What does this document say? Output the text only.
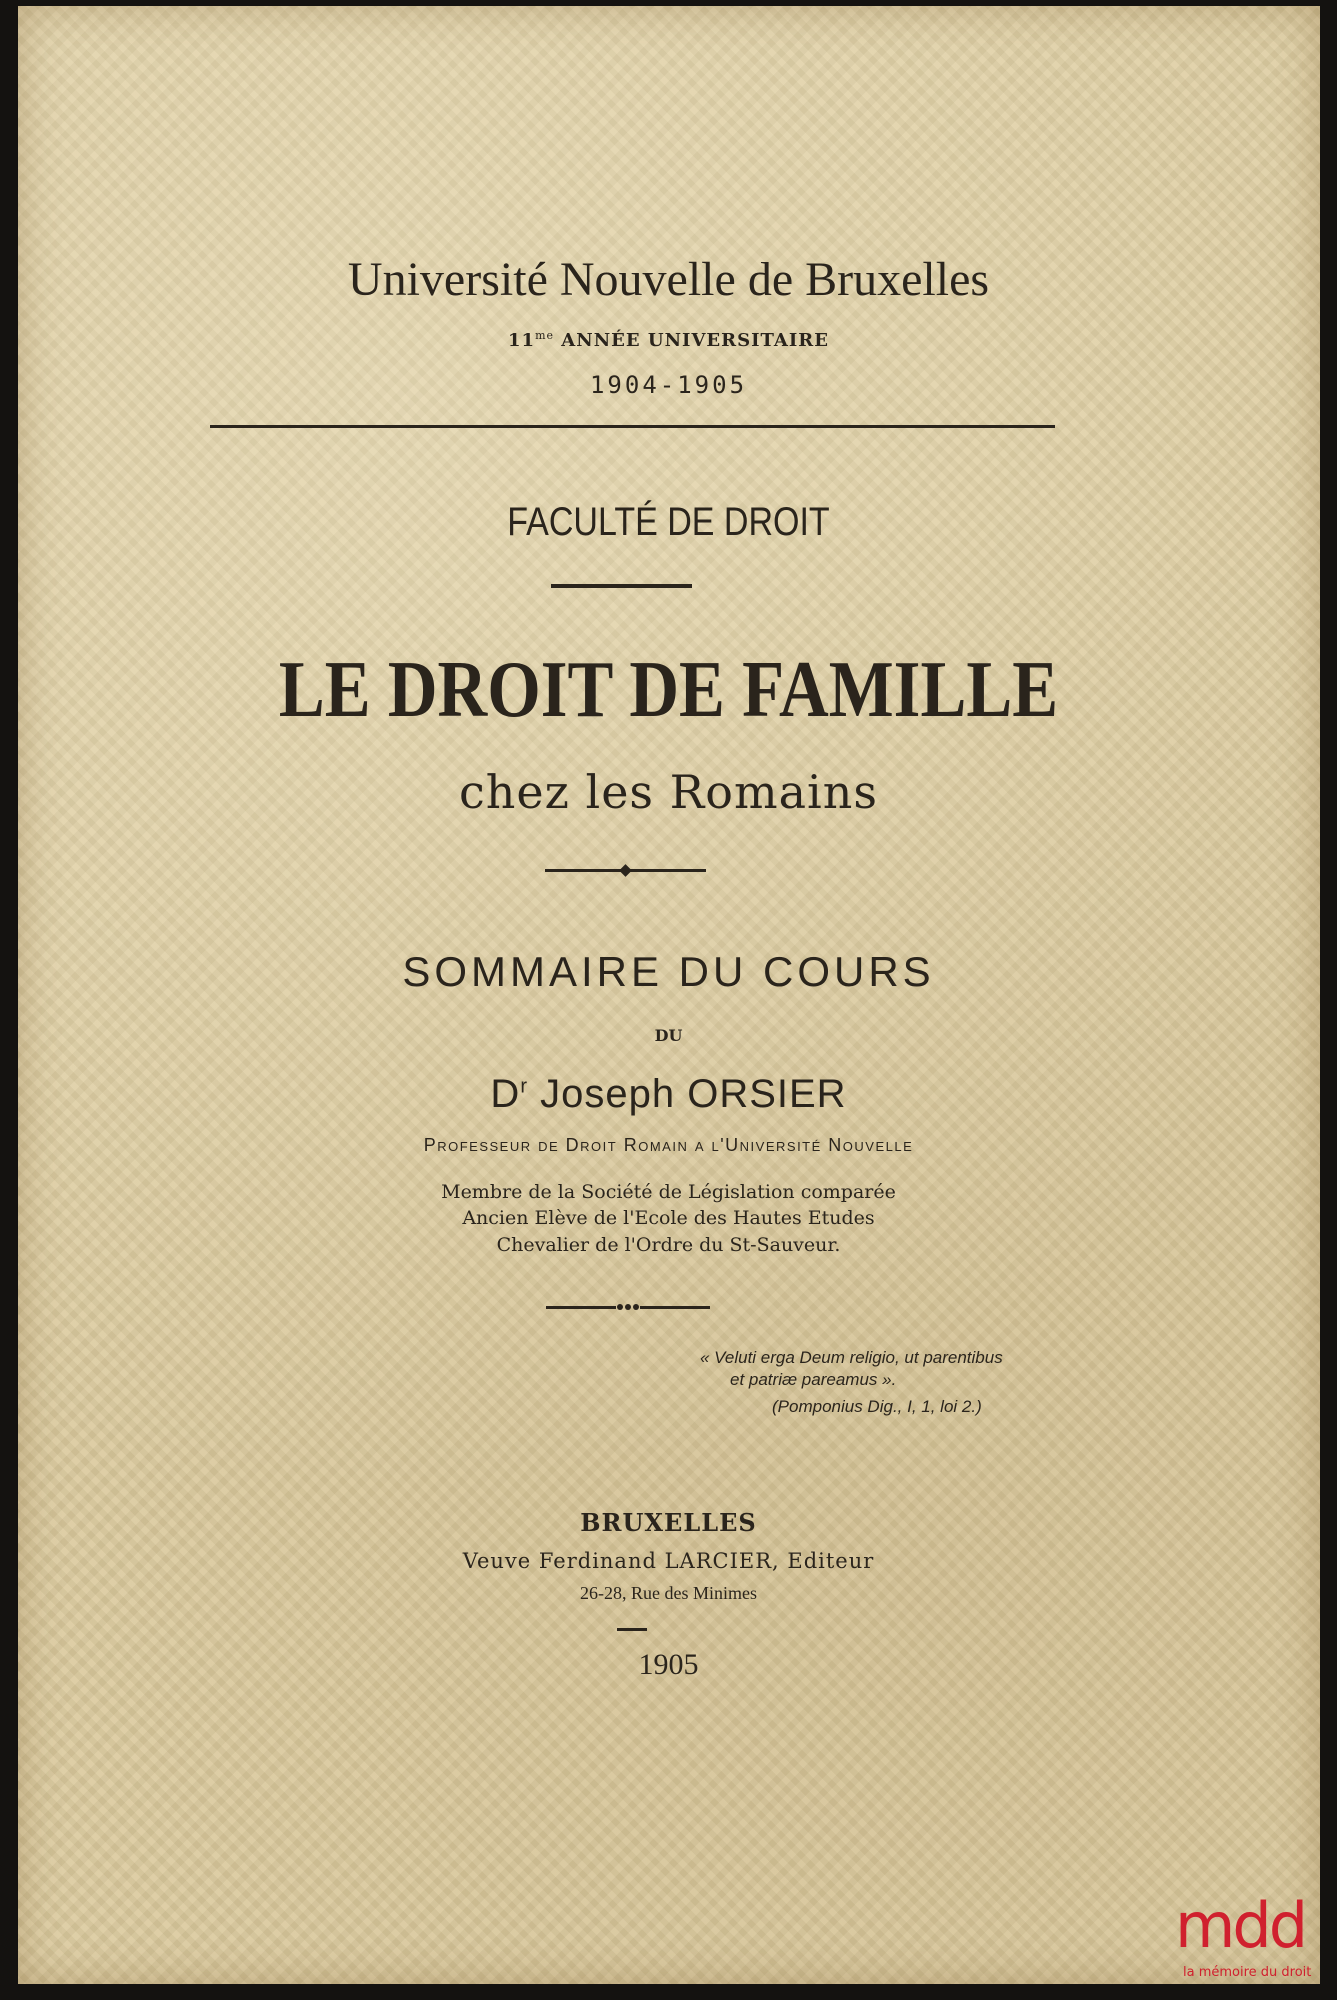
Université Nouvelle de Bruxelles
$11^{me}$ ANNÉE UNIVERSITAIRE
1904-1905
FACULTÉ DE DROIT
LE DROIT DE FAMILLE
chez les Romains
SOMMAIRE DU COURS
DU
$D^r$ Joseph ORSIER
Professeur de Droit Romain a l'Université Nouvelle
Membre de la Société de Législation comparée
Ancien Elève de l'Ecole des Hautes Etudes
Chevalier de l'Ordre du St-Sauveur.
« Veluti erga Deum religio, ut parentibus
et patriæ pareamus ».
(Pomponius Dig., I, 1, loi 2.)
BRUXELLES
Veuve Ferdinand LARCIER, Editeur
26-28, Rue des Minimes
1905
mdd
la mémoire du droit
